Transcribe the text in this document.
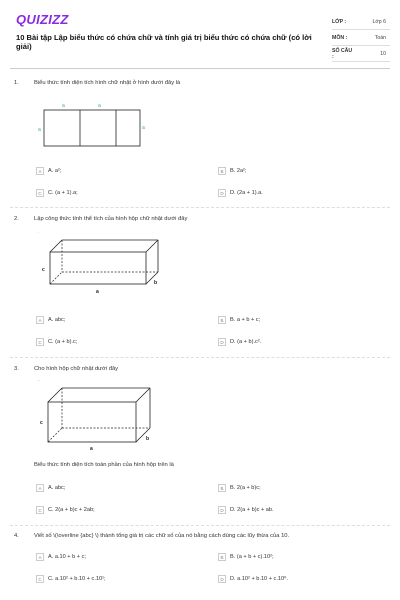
QUIZIZZ
10 Bài tập Lập biểu thức có chứa chữ và tính giá trị biểu thức có chứa chữ (có lời giải)
LỚP :	Lớp 6
MÔN :	Toán
SỐ CÂU :	10
1.	Biểu thức tính diện tích hình chữ nhật ở hình dưới đây là
a	a
a	a
A	A. a²;	B	B. 2a²;
C	C. (a + 1).a;	D	D. (2a + 1).a.
2.	Lập công thức tính thể tích của hình hộp chữ nhật dưới đây
.
c
a
b
A	A. abc;	B	B. a + b + c;
C	C. (a + b).c;	D	D. (a + b).c².
3.	Cho hình hộp chữ nhật dưới đây
..
c
a
b
Biểu thức tính diện tích toàn phần của hình hộp trên là
A	A. abc;	B	B. 2(a + b)c;
C	C. 2(a + b)c + 2ab;	D	D. 2(a + b)c + ab.
4.	Viết số \(\overline {abc} \) thành tổng giá trị các chữ số của nó bằng cách dùng các lũy thừa của 10.
A	A. a.10 + b + c;	B	B. (a + b + c).10²;
C	C. a.10² + b.10 + c.10¹;	D	D. a.10² + b.10 + c.10⁰.
